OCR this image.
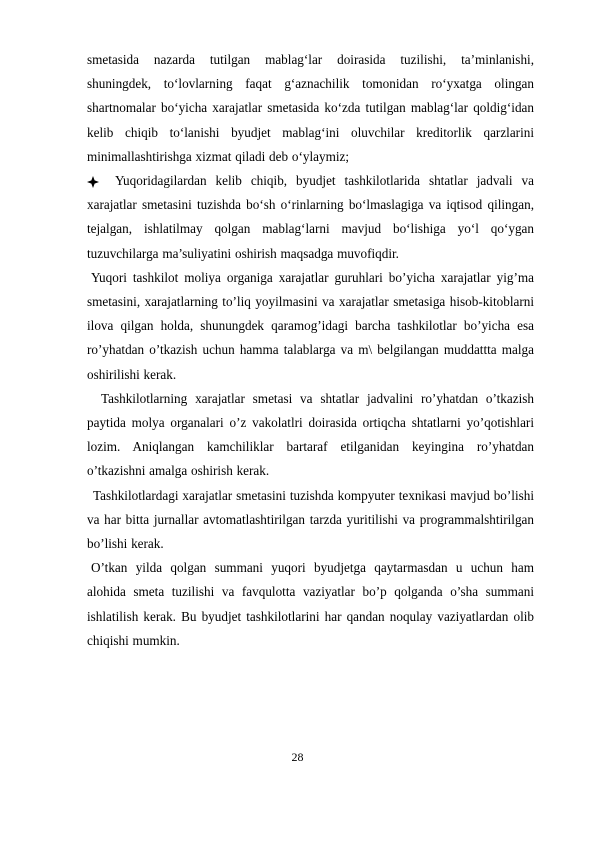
smetasida nazarda tutilgan mablag‘lar doirasida tuzilishi, ta’minlanishi, shuningdek, to‘lovlarning faqat g‘aznachilik tomonidan ro‘yxatga olingan shartnomalar bo‘yicha xarajatlar smetasida ko‘zda tutilgan mablag‘lar qoldig‘idan kelib chiqib to‘lanishi byudjet mablag‘ini oluvchilar kreditorlik qarzlarini minimallashtirishga xizmat qiladi deb o‘ylaymiz;

Yuqoridagilardan kelib chiqib, byudjet tashkilotlarida shtatlar jadvali va xarajatlar smetasini tuzishda bo‘sh o‘rinlarning bo‘lmaslagiga va iqtisod qilingan, tejalgan, ishlatilmay qolgan mablag‘larni mavjud bo‘lishiga yo‘l qo‘ygan tuzuvchilarga ma’suliyatini oshirish maqsadga muvofiqdir.

Yuqori tashkilot moliya organiga xarajatlar guruhlari bo’yicha xarajatlar yig’ma smetasini, xarajatlarning to’liq yoyilmasini va xarajatlar smetasiga hisob-kitoblarni ilova qilgan holda, shunungdek qaramog’idagi barcha tashkilotlar bo’yicha esa ro’yhatdan o’tkazish uchun hamma talablarga va m\ belgilangan muddattta malga oshirilishi kerak.

Tashkilotlarning xarajatlar smetasi va shtatlar jadvalini ro’yhatdan o’tkazish paytida molya organalari o’z vakolatlri doirasida ortiqcha shtatlarni yo’qotishlari lozim. Aniqlangan kamchiliklar bartaraf etilganidan keyingina ro’yhatdan o’tkazishni amalga oshirish kerak.

Tashkilotlardagi xarajatlar smetasini tuzishda kompyuter texnikasi mavjud bo’lishi va har bitta jurnallar avtomatlashtirilgan tarzda yuritilishi va programmalshtirilgan bo’lishi kerak.

O’tkan yilda qolgan summani yuqori byudjetga qaytarmasdan u uchun ham alohida smeta tuzilishi va favqulotta vaziyatlar bo’p qolganda o’sha summani ishlatilish kerak. Bu byudjet tashkilotlarini har qandan noqulay vaziyatlardan olib chiqishi mumkin.

28
